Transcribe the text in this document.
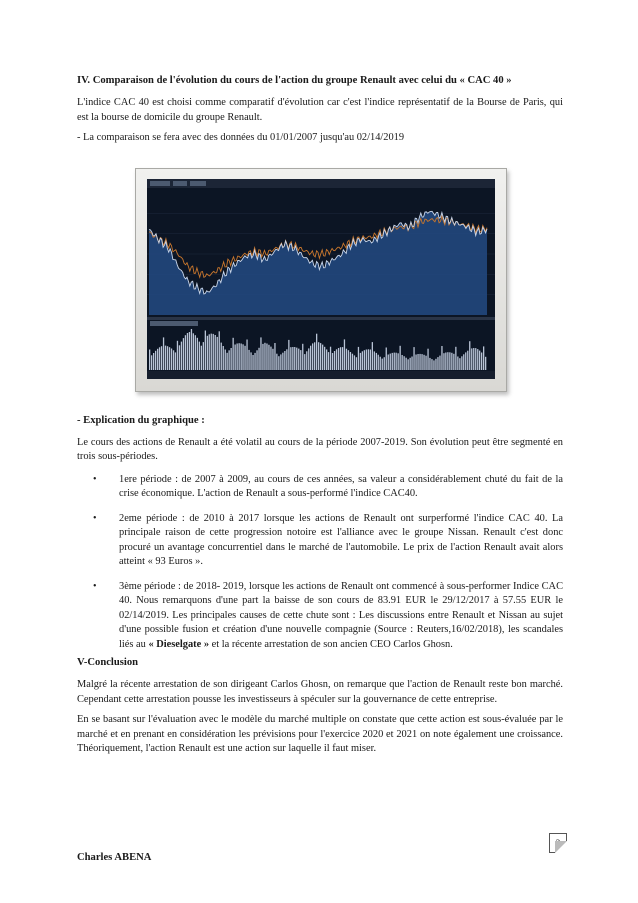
IV. Comparaison de l'évolution du cours de l'action du groupe Renault avec celui du « CAC 40 »

L'indice CAC 40 est choisi comme comparatif d'évolution car c'est l'indice représentatif de la Bourse de Paris, qui est la bourse de domicile du groupe Renault.

- La comparaison se fera avec des données du 01/01/2007 jusqu'au 02/14/2019

- Explication du graphique :

Le cours des actions de Renault a été volatil au cours de la période 2007-2019. Son évolution peut être segmenté en trois sous-périodes.

• 1ere période : de 2007 à 2009, au cours de ces années, sa valeur a considérablement chuté du fait de la crise économique. L'action de Renault a sous-performé l'indice CAC40.
• 2eme période : de 2010 à 2017 lorsque les actions de Renault ont surperformé l'indice CAC 40. La principale raison de cette progression notoire est l'alliance avec le groupe Nissan. Renault c'est donc procuré un avantage concurrentiel dans le marché de l'automobile. Le prix de l'action Renault avait alors atteint « 93 Euros ».
• 3ème période : de 2018- 2019, lorsque les actions de Renault ont commencé à sous-performer Indice CAC 40. Nous remarquons d'une part la baisse de son cours de 83.91 EUR le 29/12/2017 à 57.55 EUR le 02/14/2019. Les principales causes de cette chute sont : Les discussions entre Renault et Nissan au sujet d'une possible fusion et création d'une nouvelle compagnie (Source : Reuters,16/02/2018), les scandales liés au « Dieselgate » et la récente arrestation de son ancien CEO Carlos Ghosn.
V-Conclusion

Malgré la récente arrestation de son dirigeant Carlos Ghosn, on remarque que l'action de Renault reste bon marché. Cependant cette arrestation pousse les investisseurs à spéculer sur la gouvernance de cette entreprise.

En se basant sur l'évaluation avec le modèle du marché multiple on constate que cette action est sous-évaluée par le marché et en prenant en considération les prévisions pour l'exercice 2020 et 2021 on note également une croissance. Théoriquement, l'action Renault est une action sur laquelle il faut miser.

3
Charles ABENA
